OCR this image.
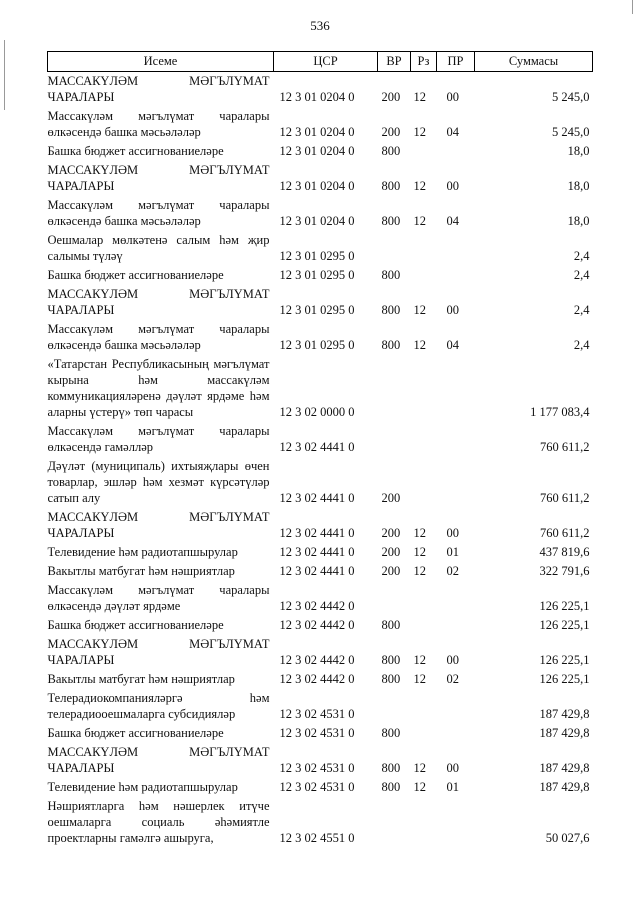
536
Исеме	ЦСР	ВР	Рз	ПР	Суммасы
МАССАКҮЛӘМ МӘГЪЛҮМАТ ЧАРАЛАРЫ	12 3 01 0204 0	200	12	00	5 245,0
Массакүләм мәгълүмат чаралары өлкәсендә башка мәсьәләләр	12 3 01 0204 0	200	12	04	5 245,0
Башка бюджет ассигнованиеләре	12 3 01 0204 0	800			18,0
МАССАКҮЛӘМ МӘГЪЛҮМАТ ЧАРАЛАРЫ	12 3 01 0204 0	800	12	00	18,0
Массакүләм мәгълүмат чаралары өлкәсендә башка мәсьәләләр	12 3 01 0204 0	800	12	04	18,0
Оешмалар мөлкәтенә салым һәм җир салымы түләү	12 3 01 0295 0				2,4
Башка бюджет ассигнованиеләре	12 3 01 0295 0	800			2,4
МАССАКҮЛӘМ МӘГЪЛҮМАТ ЧАРАЛАРЫ	12 3 01 0295 0	800	12	00	2,4
Массакүләм мәгълүмат чаралары өлкәсендә башка мәсьәләләр	12 3 01 0295 0	800	12	04	2,4
«Татарстан Республикасының мәгълүмат кырына һәм массакүләм коммуникацияләренә дәүләт ярдәме һәм аларны үстерү» төп чарасы	12 3 02 0000 0				1 177 083,4
Массакүләм мәгълүмат чаралары өлкәсендә гамәлләр	12 3 02 4441 0				760 611,2
Дәүләт (муниципаль) ихтыяҗлары өчен товарлар, эшләр һәм хезмәт күрсәтүләр сатып алу	12 3 02 4441 0	200			760 611,2
МАССАКҮЛӘМ МӘГЪЛҮМАТ ЧАРАЛАРЫ	12 3 02 4441 0	200	12	00	760 611,2
Телевидение һәм радиотапшырулар	12 3 02 4441 0	200	12	01	437 819,6
Вакытлы матбугат һәм нәшриятлар	12 3 02 4441 0	200	12	02	322 791,6
Массакүләм мәгълүмат чаралары өлкәсендә дәүләт ярдәме	12 3 02 4442 0				126 225,1
Башка бюджет ассигнованиеләре	12 3 02 4442 0	800			126 225,1
МАССАКҮЛӘМ МӘГЪЛҮМАТ ЧАРАЛАРЫ	12 3 02 4442 0	800	12	00	126 225,1
Вакытлы матбугат һәм нәшриятлар	12 3 02 4442 0	800	12	02	126 225,1
Телерадиокомпанияләргә һәм телерадиооешмаларга субсидияләр	12 3 02 4531 0				187 429,8
Башка бюджет ассигнованиеләре	12 3 02 4531 0	800			187 429,8
МАССАКҮЛӘМ МӘГЪЛҮМАТ ЧАРАЛАРЫ	12 3 02 4531 0	800	12	00	187 429,8
Телевидение һәм радиотапшырулар	12 3 02 4531 0	800	12	01	187 429,8
Нәшриятларга һәм нәшерлек итүче оешмаларга социаль әһәмиятле проектларны гамәлгә ашыруга,	12 3 02 4551 0				50 027,6
